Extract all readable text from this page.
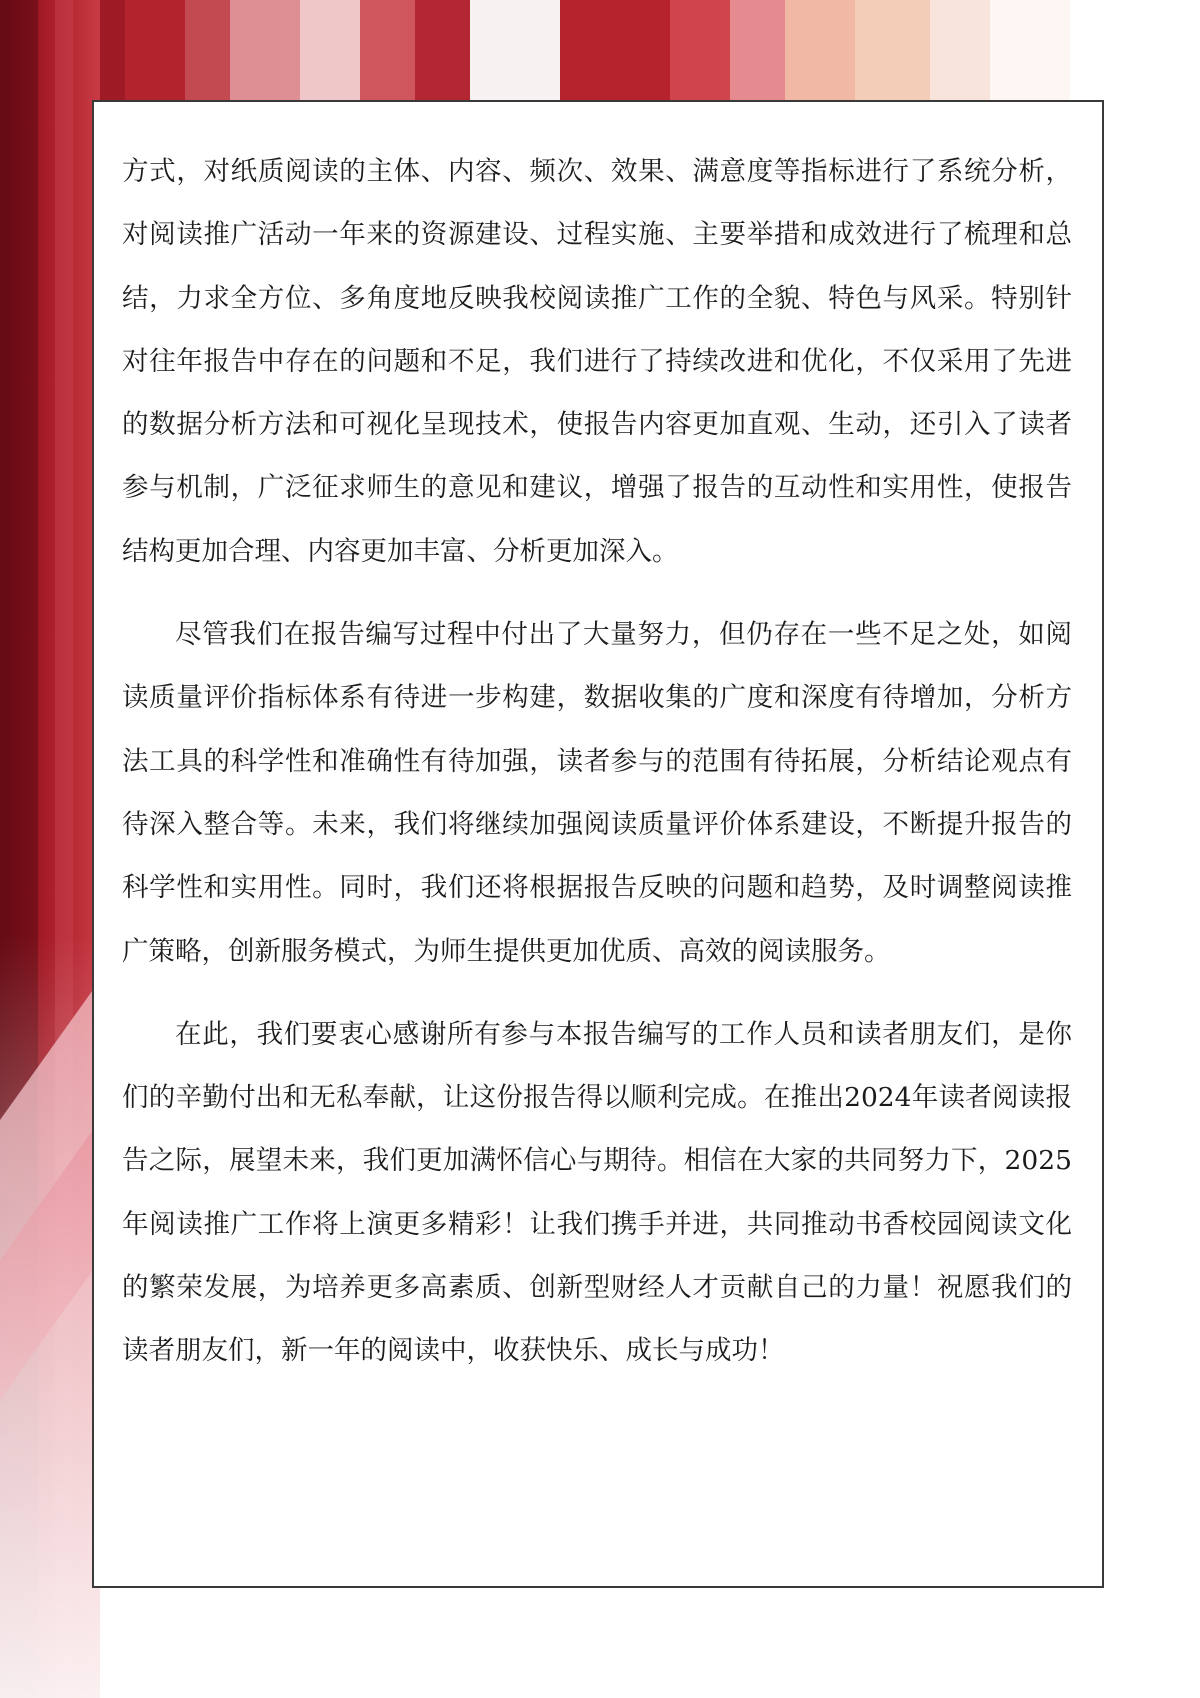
方式，对纸质阅读的主体、内容、频次、效果、满意度等指标进行了系统分析，对阅读推广活动一年来的资源建设、过程实施、主要举措和成效进行了梳理和总结，力求全方位、多角度地反映我校阅读推广工作的全貌、特色与风采。特别针对往年报告中存在的问题和不足，我们进行了持续改进和优化，不仅采用了先进的数据分析方法和可视化呈现技术，使报告内容更加直观、生动，还引入了读者参与机制，广泛征求师生的意见和建议，增强了报告的互动性和实用性，使报告结构更加合理、内容更加丰富、分析更加深入。

尽管我们在报告编写过程中付出了大量努力，但仍存在一些不足之处，如阅读质量评价指标体系有待进一步构建，数据收集的广度和深度有待增加，分析方法工具的科学性和准确性有待加强，读者参与的范围有待拓展，分析结论观点有待深入整合等。未来，我们将继续加强阅读质量评价体系建设，不断提升报告的科学性和实用性。同时，我们还将根据报告反映的问题和趋势，及时调整阅读推广策略，创新服务模式，为师生提供更加优质、高效的阅读服务。

在此，我们要衷心感谢所有参与本报告编写的工作人员和读者朋友们，是你们的辛勤付出和无私奉献，让这份报告得以顺利完成。在推出2024年读者阅读报告之际，展望未来，我们更加满怀信心与期待。相信在大家的共同努力下，2025年阅读推广工作将上演更多精彩！让我们携手并进，共同推动书香校园阅读文化的繁荣发展，为培养更多高素质、创新型财经人才贡献自己的力量！祝愿我们的读者朋友们，新一年的阅读中，收获快乐、成长与成功！
